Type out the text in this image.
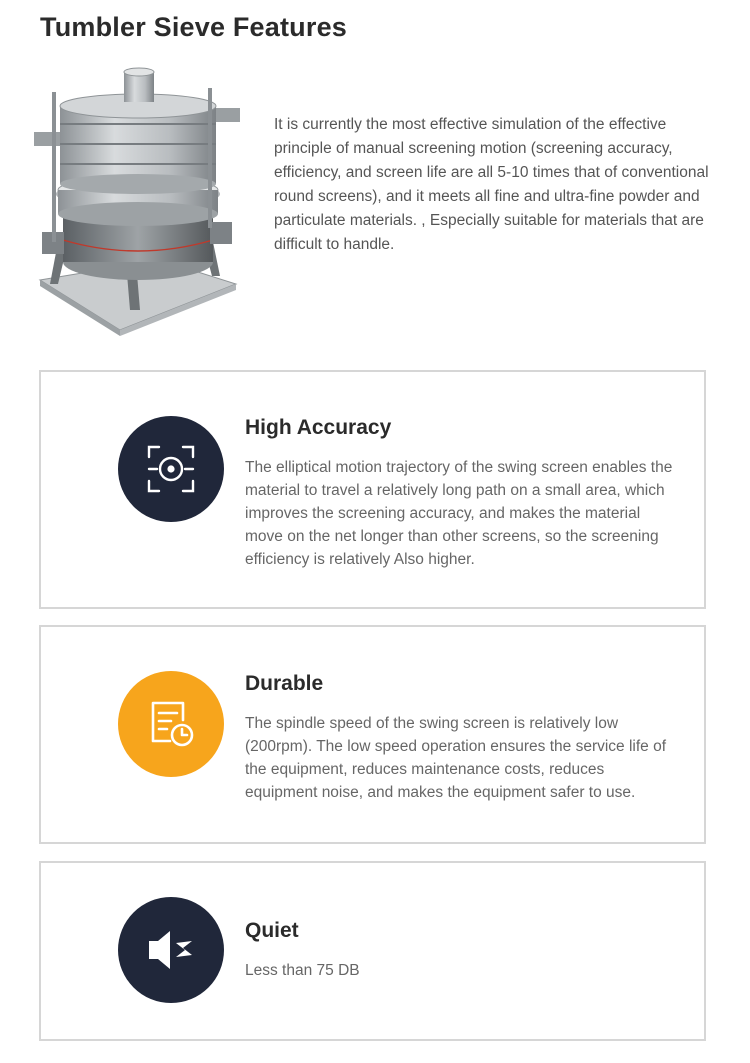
Tumbler Sieve Features

It is currently the most effective simulation of the effective principle of manual screening motion (screening accuracy, efficiency, and screen life are all 5-10 times that of conventional round screens), and it meets all fine and ultra-fine powder and particulate materials. , Especially suitable for materials that are difficult to handle.

High Accuracy

The elliptical motion trajectory of the swing screen enables the material to travel a relatively long path on a small area, which improves the screening accuracy, and makes the material move on the net longer than other screens, so the screening efficiency is relatively Also higher.

Durable

The spindle speed of the swing screen is relatively low (200rpm). The low speed operation ensures the service life of the equipment, reduces maintenance costs, reduces equipment noise, and makes the equipment safer to use.

Quiet

Less than 75 DB
